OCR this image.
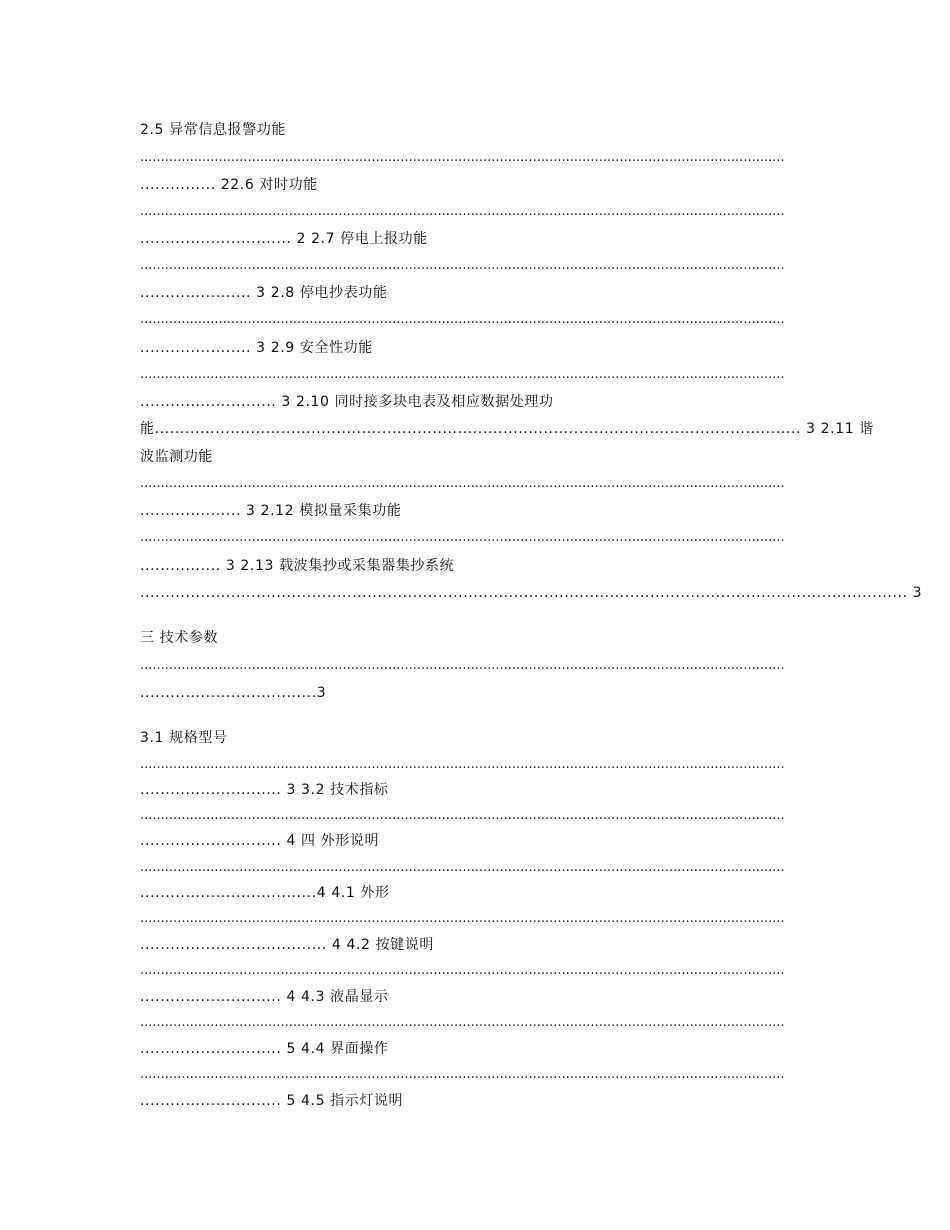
2.5 异常信息报警功能
............................................................................................................................................................
............... 22.6 对时功能
............................................................................................................................................................
.............................. 2 2.7 停电上报功能
............................................................................................................................................................
...................... 3 2.8 停电抄表功能
............................................................................................................................................................
...................... 3 2.9 安全性功能
............................................................................................................................................................
........................... 3 2.10 同时接多块电表及相应数据处理功
能................................................................................................................................ 3 2.11 谐
波监测功能
............................................................................................................................................................
.................... 3 2.12 模拟量采集功能
............................................................................................................................................................
................ 3 2.13 载波集抄或采集器集抄系统
........................................................................................................................................................ 3
三 技术参数
............................................................................................................................................................
...................................3
3.1 规格型号
............................................................................................................................................................
............................ 3 3.2 技术指标
............................................................................................................................................................
............................ 4 四 外形说明
............................................................................................................................................................
...................................4 4.1 外形
............................................................................................................................................................
..................................... 4 4.2 按键说明
............................................................................................................................................................
............................ 4 4.3 液晶显示
............................................................................................................................................................
............................ 5 4.4 界面操作
............................................................................................................................................................
............................ 5 4.5 指示灯说明
